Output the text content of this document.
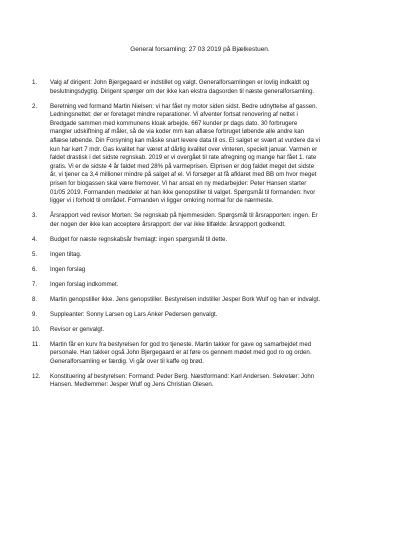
General forsamling: 27 03 2019 på Bjælkestuen.
1.	Valg af dirigent: John Bjergegaard er indstillet og valgt. Generalforsamlingen er lovlig indkaldt og
beslutningsdygtig. Dirigent spørger om der ikke kan ekstra dagsorden til næste generalforsamling.
2.	Beretning ved formand Martin Nielsen: vi har fået ny motor siden sidst. Bedre udnyttelse af gassen.
Ledningsnettet: der er foretaget mindre reparationer. Vi afventer fortsat renovering af nettet i
Bredgade sammen med kommunens kloak arbejde. 667 kunder pr dags dato. 30 forbrugere
mangler udskiftning af måler, så de via koder mm kan aflæse forbruget løbende alle andre kan
aflæse løbende. Din Forsyning kan måske snart levere data til os. El salget er svært at vurdere da vi
kun har kørt 7 mdr. Gas kvalitet har været af dårlig kvalitet over vinteren, specielt januar. Varmen er
faldet drastisk i det sidste regnskab. 2019 er vi overgået til rate afregning og mange har fået 1. rate
gratis. Vi er de sidste 4 år faldet med 28% på varmeprisen. Elprisen er dog faldet meget det sidste
år, vi tjener ca 3,4 millioner mindre på salget af el. Vi forsøger at få afklaret med BB om hvor meget
prisen for biogassen skal være fremover. Vi har ansat en ny medarbejder: Peter Hansen starter
01/05 2019. Formanden meddeler at han ikke genopstiller til valget. Spørgsmål til formanden: hvor
ligger vi i forhold til området. Formanden vi ligger omkring normal for de nærmeste.
3.	Årsrapport ved revisor Morten: Se regnskab på hjemmesiden. Spørgsmål til årsrapporten: ingen. Er
der nogen der ikke kan acceptere årsrapport: der var ikke tilfælde: årsrapport godkendt.
4.	Budget for næste regnskabsår fremlagt: ingen spørgsmål til dette.
5.	Ingen tiltag.
6.	Ingen forslag
7.	Ingen forslag indkommet.
8.	Martin genopstiller ikke. Jens genopstiller. Bestyrelsen indstiller Jesper Bork Wulf og han er indvalgt.
9.	Suppleanter: Sonny Larsen og Lars Anker Pedersen genvalgt.
10.	Revisor er genvalgt.
11.	Martin får en kurv fra bestyrelsen for god tro tjeneste. Martin takker for gave og samarbejdet med
personale. Han takker også John Bjergegaard er at føre os gennem mødet med god ro og orden.
Generalforsamling er færdig. Vi går over til kaffe og brød.
12.	Konstituering af bestyrelsen: Formand: Peder Berg. Næstformand: Karl Andersen. Sekretær: John
Hansen. Medlemmer: Jesper Wulf og Jens Christian Olesen.
